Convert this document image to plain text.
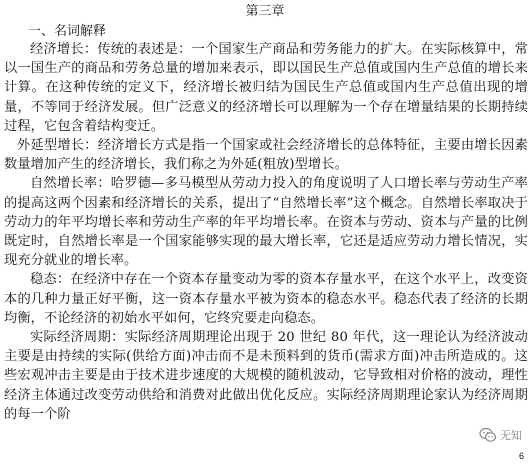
第三章
一、名词解释

经济增长：传统的表述是：一个国家生产商品和劳务能力的扩大。在实际核算中，常以一国生产的商品和劳务总量的增加来表示，即以国民生产总值或国内生产总值的增长来计算。在这种传统的定义下，经济增长被归结为国民生产总值或国内生产总值出现的增量，不等同于经济发展。但广泛意义的经济增长可以理解为一个存在增量结果的长期持续过程，它包含着结构变迁。

外延型增长：经济增长方式是指一个国家或社会经济增长的总体特征，主要由增长因素数量增加产生的经济增长，我们称之为外延(粗放)型增长。

自然增长率：哈罗德—多马模型从劳动力投入的角度说明了人口增长率与劳动生产率的提高这两个因素和经济增长的关系，提出了“自然增长率”这个概念。自然增长率取决于劳动力的年平均增长率和劳动生产率的年平均增长率。在资本与劳动、资本与产量的比例既定时，自然增长率是一个国家能够实现的最大增长率，它还是适应劳动力增长情况，实现充分就业的增长率。

稳态：在经济中存在一个资本存量变动为零的资本存量水平，在这个水平上，改变资本的几种力量正好平衡，这一资本存量水平被为资本的稳态水平。稳态代表了经济的长期均衡，不论经济的初始水平如何，它终究要走向稳态。

实际经济周期：实际经济周期理论出现于 20 世纪 80 年代，这一理论认为经济波动主要是由持续的实际(供给方面)冲击而不是未预料到的货币(需求方面)冲击所造成的。这些宏观冲击主要是由于技术进步速度的大规模的随机波动，它导致相对价格的波动，理性经济主体通过改变劳动供给和消费对此做出优化反应。实际经济周期理论家认为经济周期的每一个阶

无知
6
